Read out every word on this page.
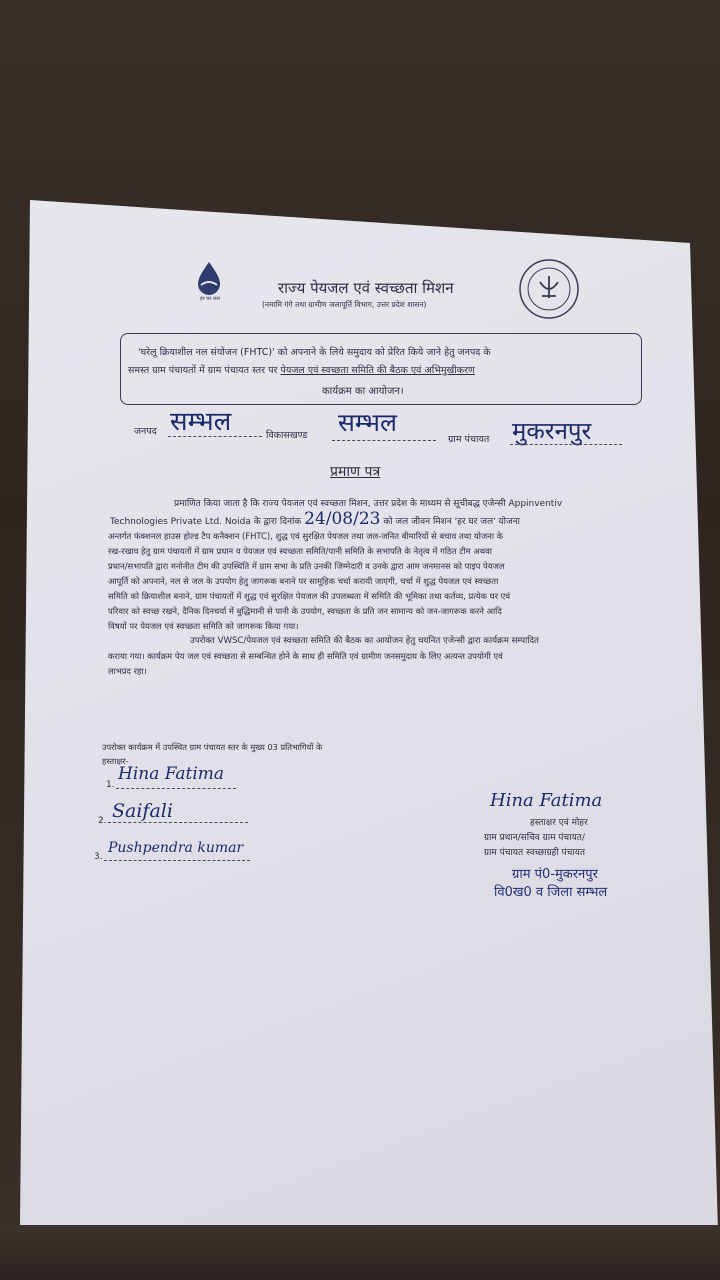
हर घर जल
राज्य पेयजल एवं स्वच्छता मिशन
(नमामि गंगे तथा ग्रामीण जलापूर्ति विभाग, उत्तर प्रदेश शासन)
'घरेलू क्रियाशील नल संयोजन (FHTC)' को अपनाने के लिये समुदाय को प्रेरित किये जाने हेतु जनपद के
समस्त ग्राम पंचायतों में ग्राम पंचायत स्तर पर पेयजल एवं स्वच्छता समिति की बैठक एवं अभिमुखीकरण
कार्यक्रम का आयोजन।
जनपद सम्भल	विकासखण्ड सम्भल
ग्राम पंचायत मुकरनपुर
प्रमाण पत्र
प्रमाणित किया जाता है कि राज्य पेयजल एवं स्वच्छता मिशन, उत्तर प्रदेश के माध्यम से सूचीबद्ध एजेन्सी Appinventiv
Technologies Private Ltd. Noida के द्वारा दिनांक 24/08/23 को जल जीवन मिशन 'हर घर जल' योजना
अन्तर्गत फंक्शनल हाउस होल्ड टैप कनैक्शन (FHTC), शुद्ध एवं सुरक्षित पेयजल तथा जल-जनित बीमारियों से बचाव तथा योजना के
रख-रखाव हेतु ग्राम पंचायतों में ग्राम प्रधान व पेयजल एवं स्वच्छता समिति/पानी समिति के सभापति के नेतृत्व में गठित टीम अथवा
प्रधान/सभापति द्वारा मनोनीत टीम की उपस्थिति में ग्राम सभा के प्रति उनकी जिम्मेदारी व उनके द्वारा आम जनमानस को पाइप पेयजल
आपूर्ति को अपनाने, नल से जल के उपयोग हेतु जागरूक बनाने पर सामूहिक चर्चा करायी जाएगी, चर्चा में शुद्ध पेयजल एवं स्वच्छता
समिति को क्रियाशील बनाने, ग्राम पंचायतों में शुद्ध एवं सुरक्षित पेयजल की उपलब्धता में समिति की भूमिका तथा कर्तव्य, प्रत्येक घर एवं
परिवार को स्वच्छ रखने, दैनिक दिनचर्या में बुद्धिमानी से पानी के उपयोग, स्वच्छता के प्रति जन सामान्य को जन-जागरूक करने आदि
विषयों पर पेयजल एवं स्वच्छता समिति को जागरूक किया गया।
उपरोक्त VWSC/पेयजल एवं स्वच्छता समिति की बैठक का आयोजन हेतु चयनित एजेन्सी द्वारा कार्यक्रम सम्पादित
कराया गया। कार्यक्रम पेय जल एवं स्वच्छता से सम्बन्धित होने के साथ ही समिति एवं ग्रामीण जनसमुदाय के लिए अत्यन्त उपयोगी एवं
लाभप्रद रहा।
उपरोक्त कार्यक्रम में उपस्थित ग्राम पंचायत स्तर के मुख्य 03 प्रतिभागियों के
हस्ताक्षर-
1.
Hina Fatima
2. Saifali
3.
Pushpendra kumar
Hina Fatima
हस्ताक्षर एवं मोहर
ग्राम प्रधान/सचिव ग्राम पंचायत/
ग्राम पंचायत स्वच्छाग्रही पंचायत
ग्राम पं0-मुकरनपुर
वि0ख0 व जिला सम्भल
